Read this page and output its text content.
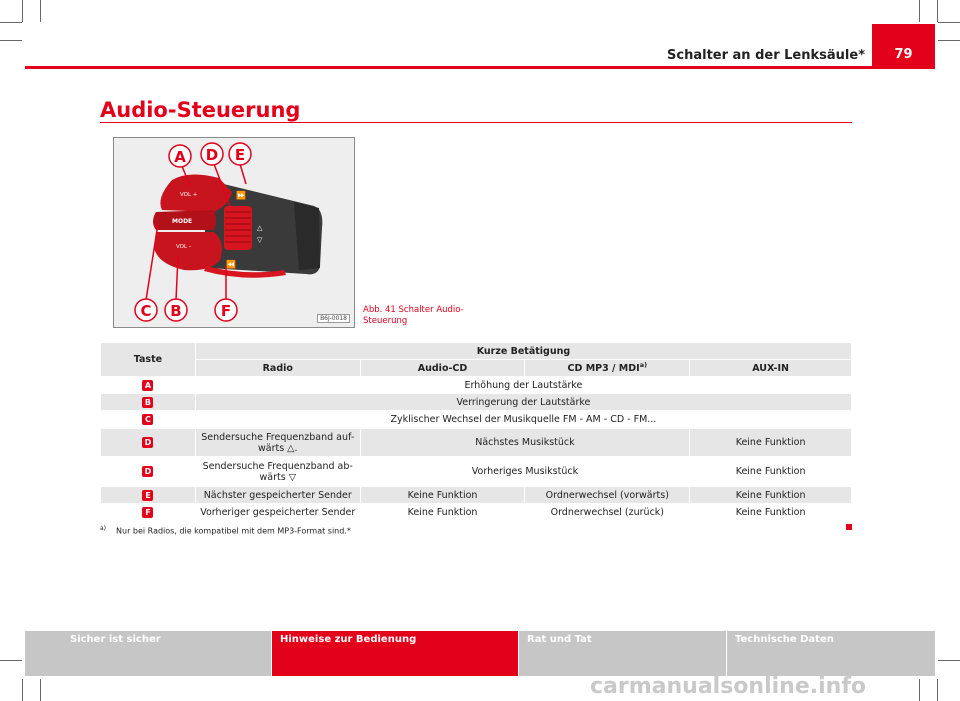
Schalter an der Lenksäule* 79
Audio-Steuerung
VOL +
MODE
VOL –
⏩
⏪
△
▽
A D E
C B	F	B6J-0018
Abb. 41 Schalter Audio-
Steuerung
Taste	Kurze Betätigung			
	Radio	Audio-CD	CD MP3 / MDI$^{a)}$	AUX-IN
A	Erhöhung der Lautstärke			
B	Verringerung der Lautstärke			
C	Zyklischer Wechsel der Musikquelle FM - AM - CD - FM...			
D	Sendersuche Frequenzband auf-
wärts △.	Nächstes Musikstück		Keine Funktion
D	Sendersuche Frequenzband ab-
wärts ▽	Vorheriges Musikstück		Keine Funktion
E	Nächster gespeicherter Sender	Keine Funktion	Ordnerwechsel (vorwärts)	Keine Funktion
F	Vorheriger gespeicherter Sender	Keine Funktion	Ordnerwechsel (zurück)	Keine Funktion
$^{a)}$ Nur bei Radios, die kompatibel mit dem MP3-Format sind.*
Sicher ist sicher	Hinweise zur Bedienung	Rat und Tat	Technische Daten
carmanualsonline.info
